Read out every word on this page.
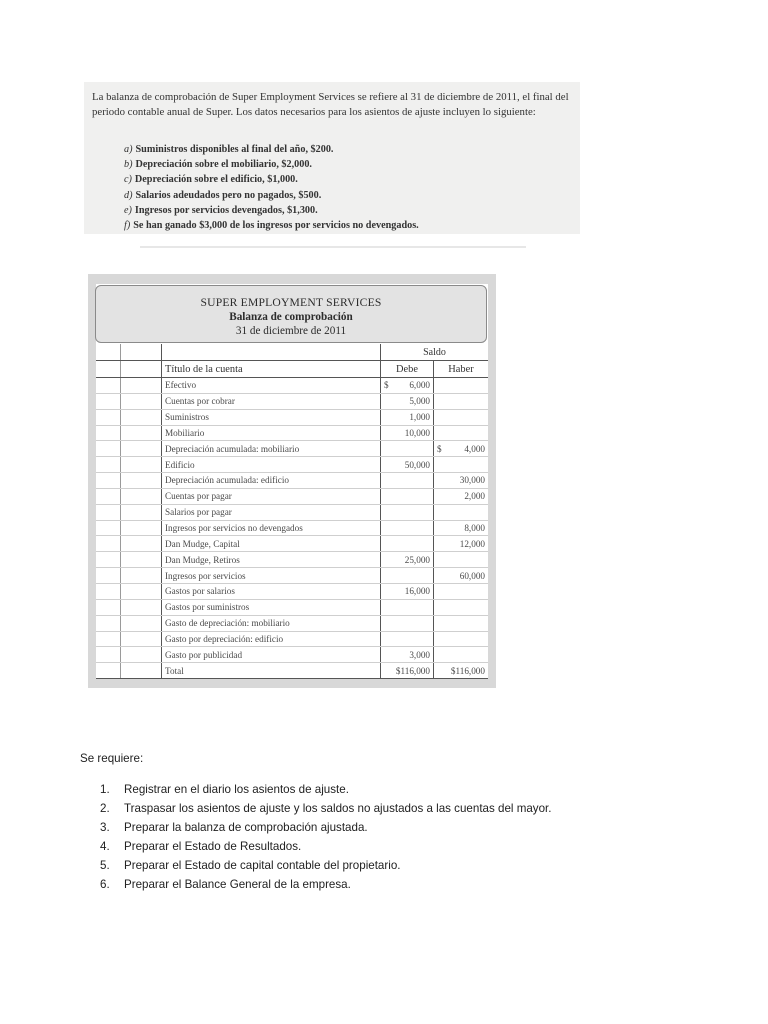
La balanza de comprobación de Super Employment Services se refiere al 31 de diciembre de 2011, el final del periodo contable anual de Super. Los datos necesarios para los asientos de ajuste incluyen lo siguiente:
a) Suministros disponibles al final del año, $200.
b) Depreciación sobre el mobiliario, $2,000.
c) Depreciación sobre el edificio, $1,000.
d) Salarios adeudados pero no pagados, $500.
e) Ingresos por servicios devengados, $1,300.
f) Se han ganado $3,000 de los ingresos por servicios no devengados.
SUPER EMPLOYMENT SERVICES
Balanza de comprobación
31 de diciembre de 2011
			Saldo	
		Título de la cuenta	Debe	Haber
		Efectivo	$ 6,000	

		Cuentas por cobrar	5,000	

		Suministros	1,000	

		Mobiliario	10,000	

		Depreciación acumulada: mobiliario		$ 4,000
		Edificio	50,000	

		Depreciación acumulada: edificio		30,000
		Cuentas por pagar		2,000
		Salarios por pagar	

		Ingresos por servicios no devengados		8,000
		Dan Mudge, Capital		12,000
		Dan Mudge, Retiros	25,000	

		Ingresos por servicios		60,000
		Gastos por salarios	16,000	

		Gastos por suministros	

		Gasto de depreciación: mobiliario	

		Gasto por depreciación: edificio	

		Gasto por publicidad	3,000	

		Total	$116,000	$116,000
Se requiere:
1. Registrar en el diario los asientos de ajuste.
2. Traspasar los asientos de ajuste y los saldos no ajustados a las cuentas del mayor.
3. Preparar la balanza de comprobación ajustada.
4. Preparar el Estado de Resultados.
5. Preparar el Estado de capital contable del propietario.
6. Preparar el Balance General de la empresa.
